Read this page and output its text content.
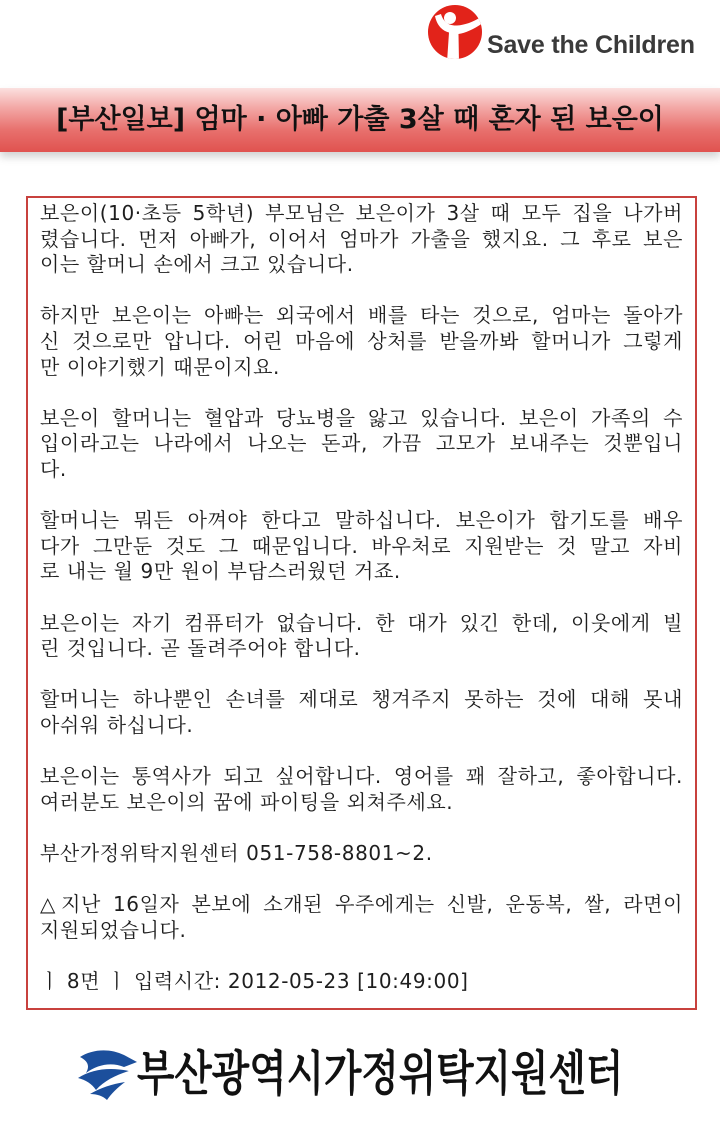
Save the Children
[부산일보] 엄마 · 아빠 가출 3살 때 혼자 된 보은이
보은이(10·초등 5학년) 부모님은 보은이가 3살 때 모두 집을 나가버
렸습니다. 먼저 아빠가, 이어서 엄마가 가출을 했지요. 그 후로 보은
이는 할머니 손에서 크고 있습니다.
하지만 보은이는 아빠는 외국에서 배를 타는 것으로, 엄마는 돌아가
신 것으로만 압니다. 어린 마음에 상처를 받을까봐 할머니가 그렇게
만 이야기했기 때문이지요.
보은이 할머니는 혈압과 당뇨병을 앓고 있습니다. 보은이 가족의 수
입이라고는 나라에서 나오는 돈과, 가끔 고모가 보내주는 것뿐입니
다.
할머니는 뭐든 아껴야 한다고 말하십니다. 보은이가 합기도를 배우
다가 그만둔 것도 그 때문입니다. 바우처로 지원받는 것 말고 자비
로 내는 월 9만 원이 부담스러웠던 거죠.
보은이는 자기 컴퓨터가 없습니다. 한 대가 있긴 한데, 이웃에게 빌
린 것입니다. 곧 돌려주어야 합니다.
할머니는 하나뿐인 손녀를 제대로 챙겨주지 못하는 것에 대해 못내
아쉬워 하십니다.
보은이는 통역사가 되고 싶어합니다. 영어를 꽤 잘하고, 좋아합니다.
여러분도 보은이의 꿈에 파이팅을 외쳐주세요.
부산가정위탁지원센터 051-758-8801~2.
△지난 16일자 본보에 소개된 우주에게는 신발, 운동복, 쌀, 라면이
지원되었습니다.
ㅣ 8면 ㅣ 입력시간: 2012-05-23 [10:49:00]
부산광역시가정위탁지원센터
